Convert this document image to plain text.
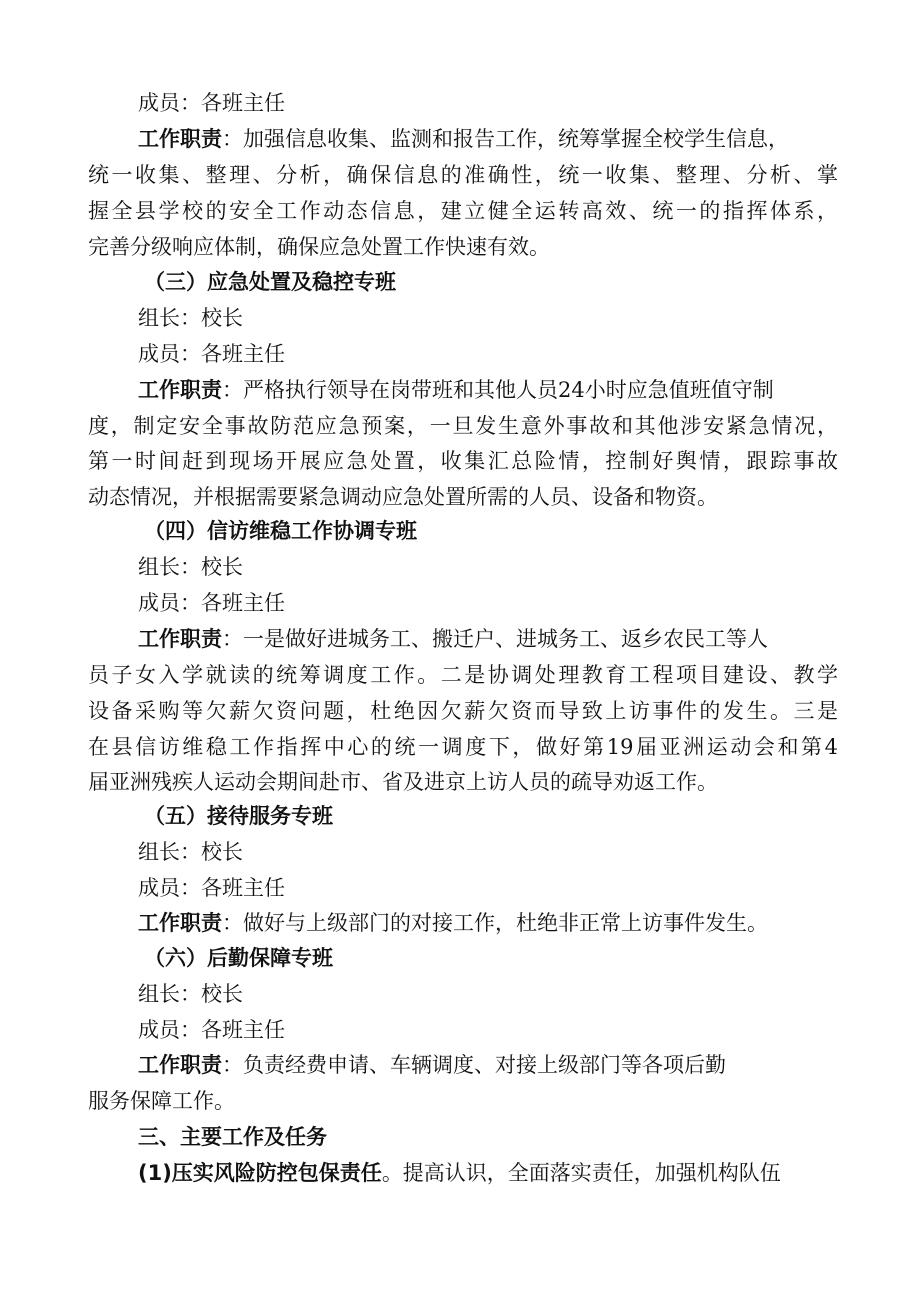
成员：各班主任
工作职责：加强信息收集、监测和报告工作，统筹掌握全校学生信息，
统一收集、整理、分析，确保信息的准确性，统一收集、整理、分析、掌
握全县学校的安全工作动态信息，建立健全运转高效、统一的指挥体系，
完善分级响应体制，确保应急处置工作快速有效。
（三）应急处置及稳控专班
组长：校长
成员：各班主任
工作职责：严格执行领导在岗带班和其他人员24小时应急值班值守制
度，制定安全事故防范应急预案，一旦发生意外事故和其他涉安紧急情况，
第一时间赶到现场开展应急处置，收集汇总险情，控制好舆情，跟踪事故
动态情况，并根据需要紧急调动应急处置所需的人员、设备和物资。
（四）信访维稳工作协调专班
组长：校长
成员：各班主任
工作职责：一是做好进城务工、搬迁户、进城务工、返乡农民工等人
员子女入学就读的统筹调度工作。二是协调处理教育工程项目建设、教学
设备采购等欠薪欠资问题，杜绝因欠薪欠资而导致上访事件的发生。三是
在县信访维稳工作指挥中心的统一调度下，做好第19届亚洲运动会和第4
届亚洲残疾人运动会期间赴市、省及进京上访人员的疏导劝返工作。
（五）接待服务专班
组长：校长
成员：各班主任
工作职责：做好与上级部门的对接工作，杜绝非正常上访事件发生。
（六）后勤保障专班
组长：校长
成员：各班主任
工作职责：负责经费申请、车辆调度、对接上级部门等各项后勤
服务保障工作。
三、主要工作及任务
(1)压实风险防控包保责任。提高认识，全面落实责任，加强机构队伍
